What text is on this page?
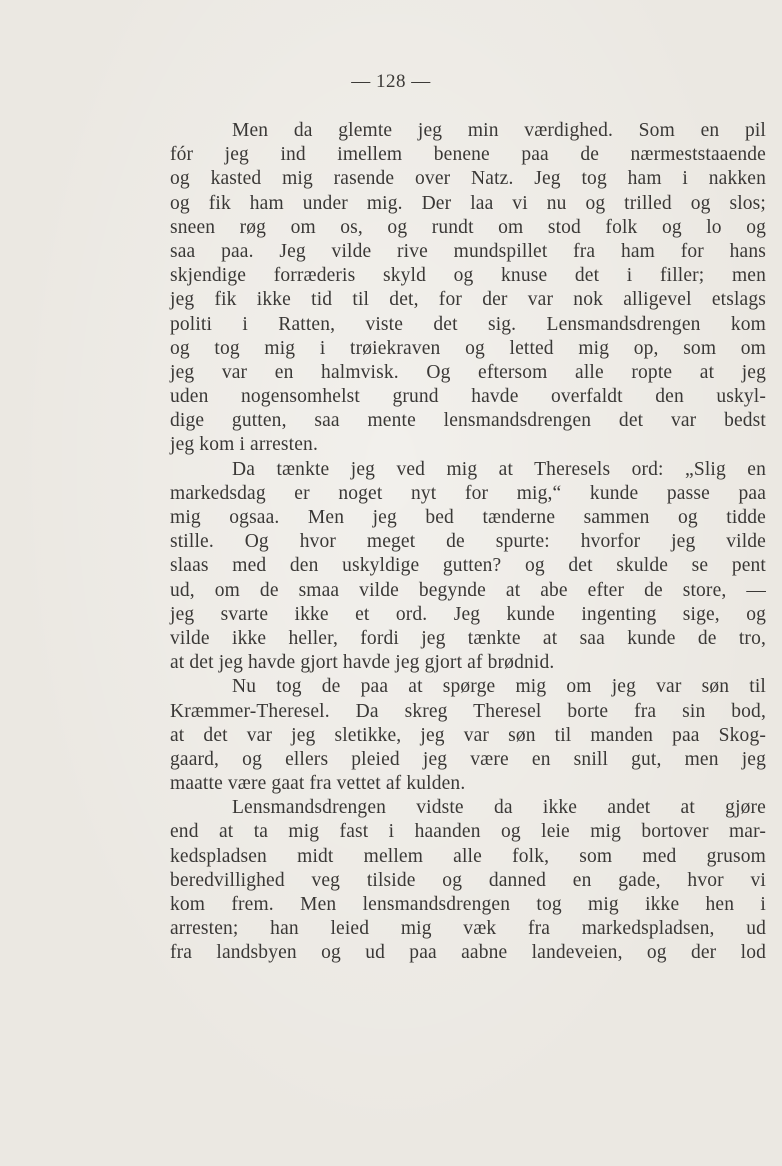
— 128 —
Men da glemte jeg min værdighed. Som en pil
fór jeg ind imellem benene paa de nærmeststaaende
og kasted mig rasende over Natz. Jeg tog ham i nakken
og fik ham under mig. Der laa vi nu og trilled og slos;
sneen røg om os, og rundt om stod folk og lo og
saa paa. Jeg vilde rive mundspillet fra ham for hans
skjendige forræderis skyld og knuse det i filler; men
jeg fik ikke tid til det, for der var nok alligevel etslags
politi i Ratten, viste det sig. Lensmandsdrengen kom
og tog mig i trøiekraven og letted mig op, som om
jeg var en halmvisk. Og eftersom alle ropte at jeg
uden nogensomhelst grund havde overfaldt den uskyl-
dige gutten, saa mente lensmandsdrengen det var bedst
jeg kom i arresten.
Da tænkte jeg ved mig at Theresels ord: „Slig en
markedsdag er noget nyt for mig,“ kunde passe paa
mig ogsaa. Men jeg bed tænderne sammen og tidde
stille. Og hvor meget de spurte: hvorfor jeg vilde
slaas med den uskyldige gutten? og det skulde se pent
ud, om de smaa vilde begynde at abe efter de store, —
jeg svarte ikke et ord. Jeg kunde ingenting sige, og
vilde ikke heller, fordi jeg tænkte at saa kunde de tro,
at det jeg havde gjort havde jeg gjort af brødnid.
Nu tog de paa at spørge mig om jeg var søn til
Kræmmer-Theresel. Da skreg Theresel borte fra sin bod,
at det var jeg sletikke, jeg var søn til manden paa Skog-
gaard, og ellers pleied jeg være en snill gut, men jeg
maatte være gaat fra vettet af kulden.
Lensmandsdrengen vidste da ikke andet at gjøre
end at ta mig fast i haanden og leie mig bortover mar-
kedspladsen midt mellem alle folk, som med grusom
beredvillighed veg tilside og danned en gade, hvor vi
kom frem. Men lensmandsdrengen tog mig ikke hen i
arresten; han leied mig væk fra markedspladsen, ud
fra landsbyen og ud paa aabne landeveien, og der lod
